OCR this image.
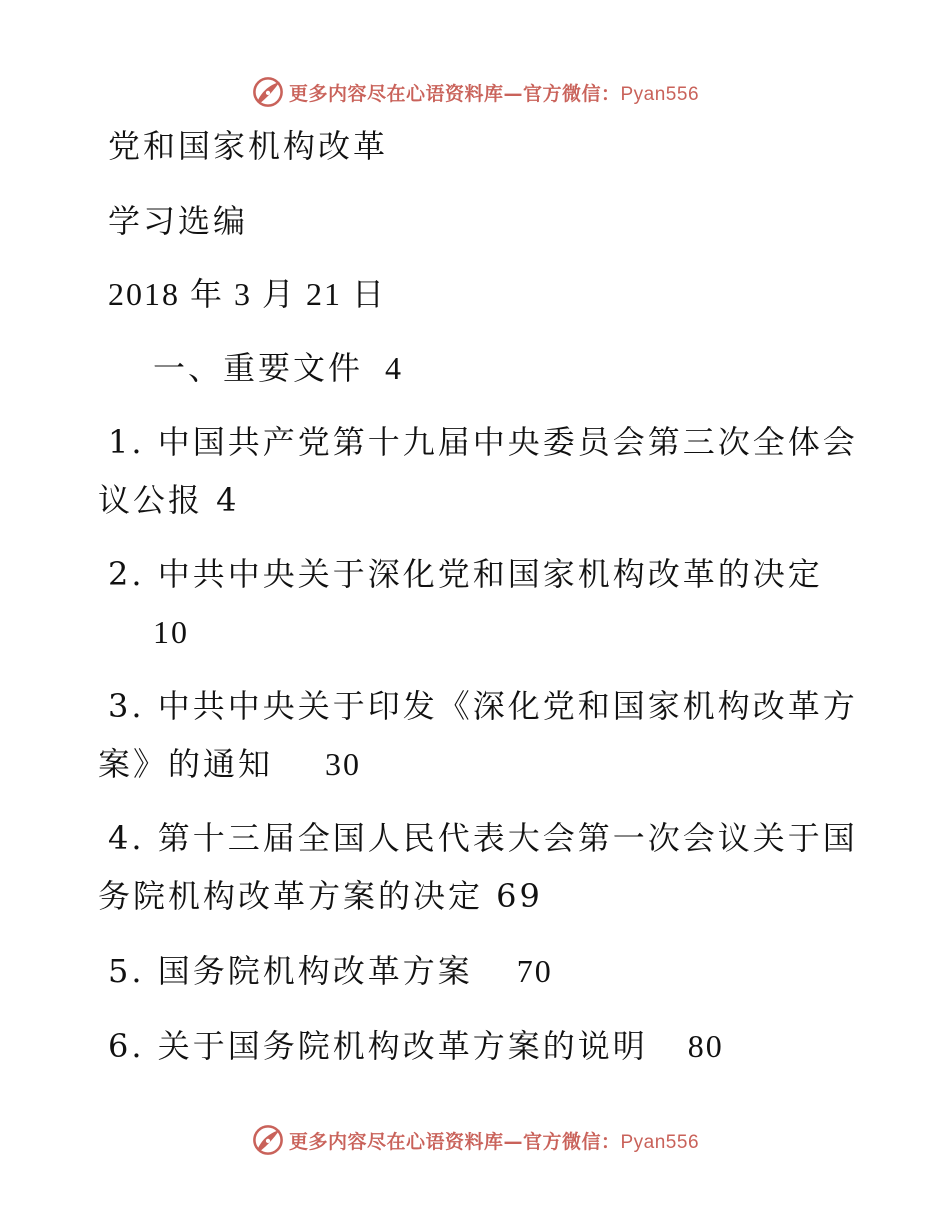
更多内容尽在心语资料库—官方微信：Pyan556
党和国家机构改革
学习选编
2018 年 3 月 21 日
一、重要文件 4
1. 中国共产党第十九届中央委员会第三次全体会
议公报 4
2. 中共中央关于深化党和国家机构改革的决定
10
3. 中共中央关于印发《深化党和国家机构改革方
案》的通知 30
4. 第十三届全国人民代表大会第一次会议关于国
务院机构改革方案的决定 69
5. 国务院机构改革方案 70
6. 关于国务院机构改革方案的说明 80
更多内容尽在心语资料库—官方微信：Pyan556
